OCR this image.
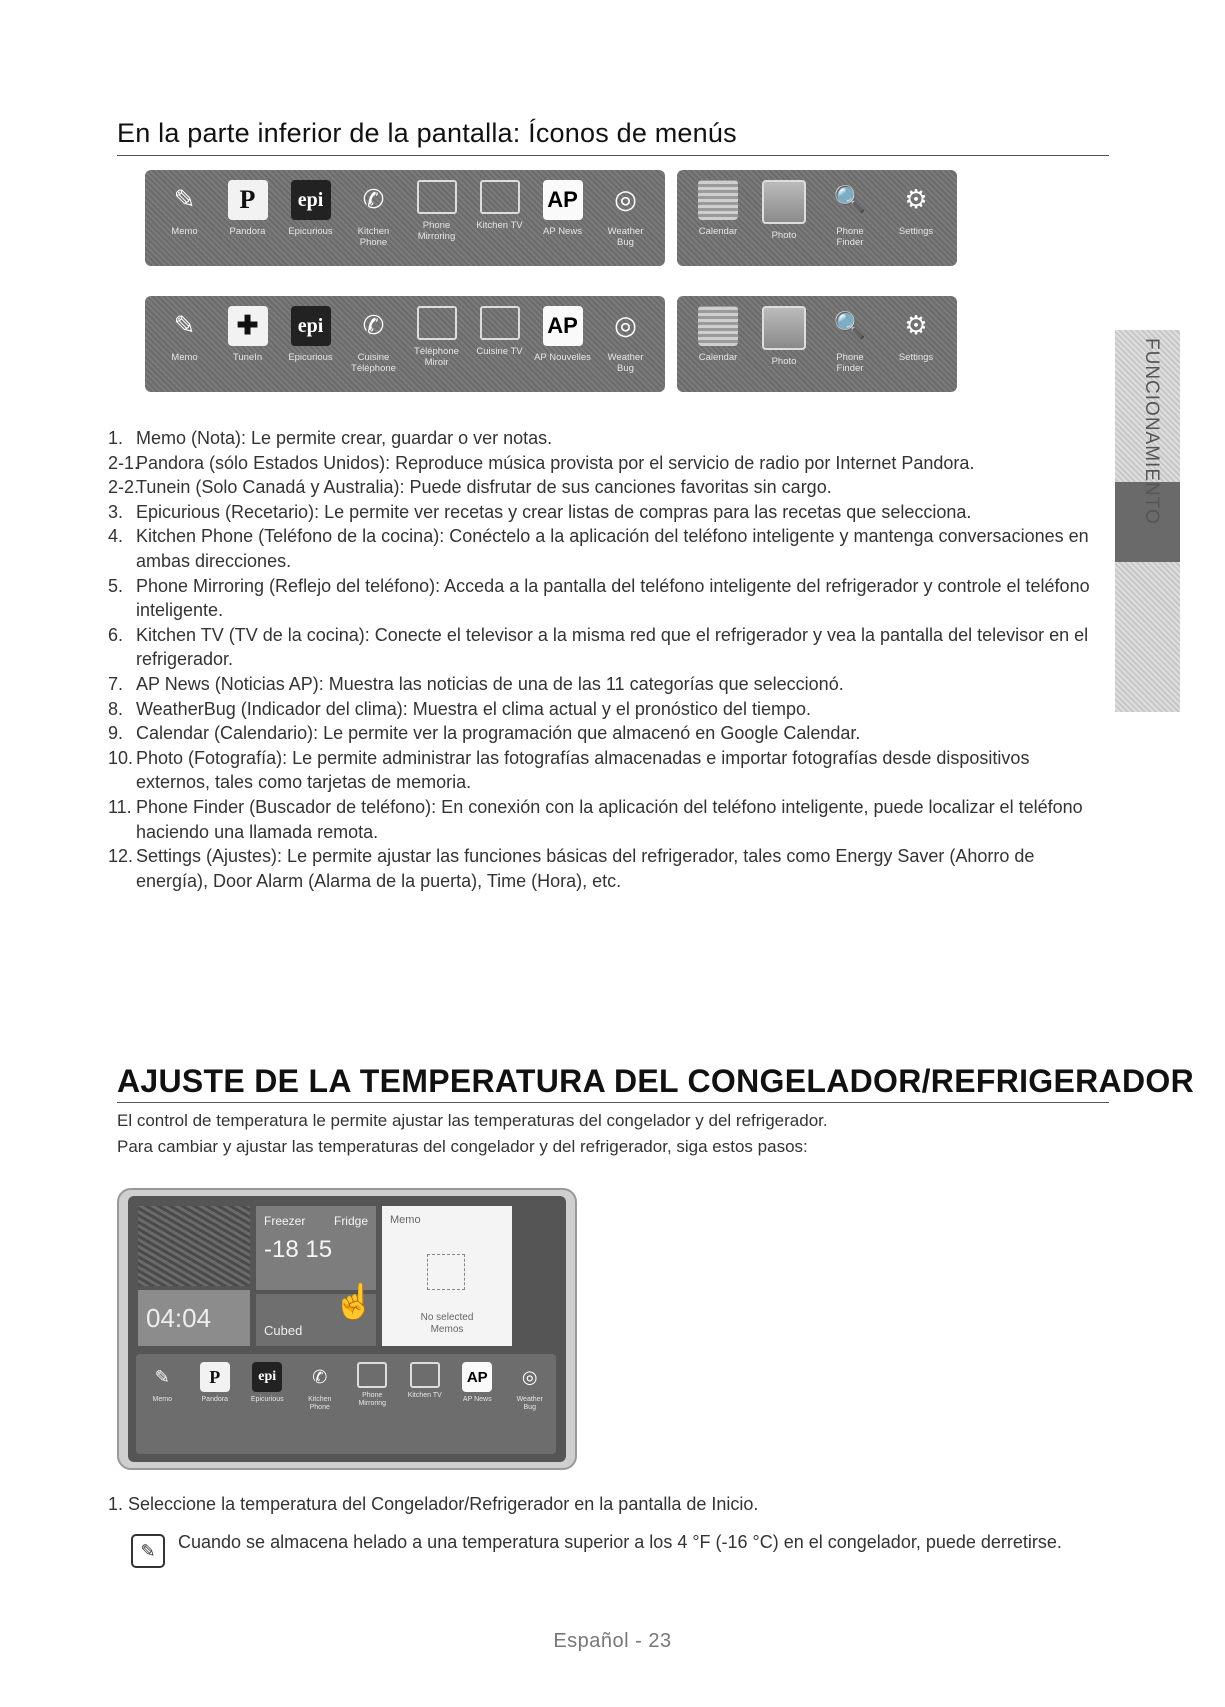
En la parte inferior de la pantalla: Íconos de menús
✎
Memo
P
Pandora
epi
Epicurious
✆
Kitchen
Phone
Phone
Mirroring
Kitchen TV
AP
AP News
◎
Weather
Bug
Calendar	Photo
🔍
Phone
Finder
⚙
Settings
✎
Memo
✚
TuneIn
epi
Epicurious
✆
Cuisine
Téléphone
Téléphone
Miroir
Cuisine TV
AP
AP Nouvelles
◎
Weather
Bug
Calendar	Photo
🔍
Phone
Finder
⚙
Settings
1. Memo (Nota): Le permite crear, guardar o ver notas.
2-1.
Pandora (sólo Estados Unidos): Reproduce música provista por el servicio de radio por Internet Pandora.
2-2.
Tunein (Solo Canadá y Australia): Puede disfrutar de sus canciones favoritas sin cargo.
3. Epicurious (Recetario): Le permite ver recetas y crear listas de compras para las recetas que selecciona.
4. Kitchen Phone (Teléfono de la cocina): Conéctelo a la aplicación del teléfono inteligente y mantenga conversaciones en ambas direcciones.
5. Phone Mirroring (Reflejo del teléfono): Acceda a la pantalla del teléfono inteligente del refrigerador y controle el teléfono inteligente.
6. Kitchen TV (TV de la cocina): Conecte el televisor a la misma red que el refrigerador y vea la pantalla del televisor en el refrigerador.
7. AP News (Noticias AP): Muestra las noticias de una de las 11 categorías que seleccionó.
8. WeatherBug (Indicador del clima): Muestra el clima actual y el pronóstico del tiempo.
9. Calendar (Calendario): Le permite ver la programación que almacenó en Google Calendar.
10. Photo (Fotografía): Le permite administrar las fotografías almacenadas e importar fotografías desde dispositivos externos, tales como tarjetas de memoria.
11. Phone Finder (Buscador de teléfono): En conexión con la aplicación del teléfono inteligente, puede localizar el teléfono haciendo una llamada remota.
12. Settings (Ajustes): Le permite ajustar las funciones básicas del refrigerador, tales como Energy Saver (Ahorro de energía), Door Alarm (Alarma de la puerta), Time (Hora), etc.
FUNCIONAMIENTO
AJUSTE DE LA TEMPERATURA DEL CONGELADOR/REFRIGERADOR
El control de temperatura le permite ajustar las temperaturas del congelador y del refrigerador.
Para cambiar y ajustar las temperaturas del congelador y del refrigerador, siga estos pasos:
04:04
Freezer Fridge
-18 15
Cubed
Memo
No selected
Memos
☝
✎
Memo
P
Pandora
epi
Epicurious
✆
Kitchen
Phone
Phone
Mirroring
Kitchen TV
AP
AP News
◎
Weather
Bug
1. Seleccione la temperatura del Congelador/Refrigerador en la pantalla de Inicio.
✎	Cuando se almacena helado a una temperatura superior a los 4 °F (-16 °C) en el congelador, puede derretirse.
Español - 23
